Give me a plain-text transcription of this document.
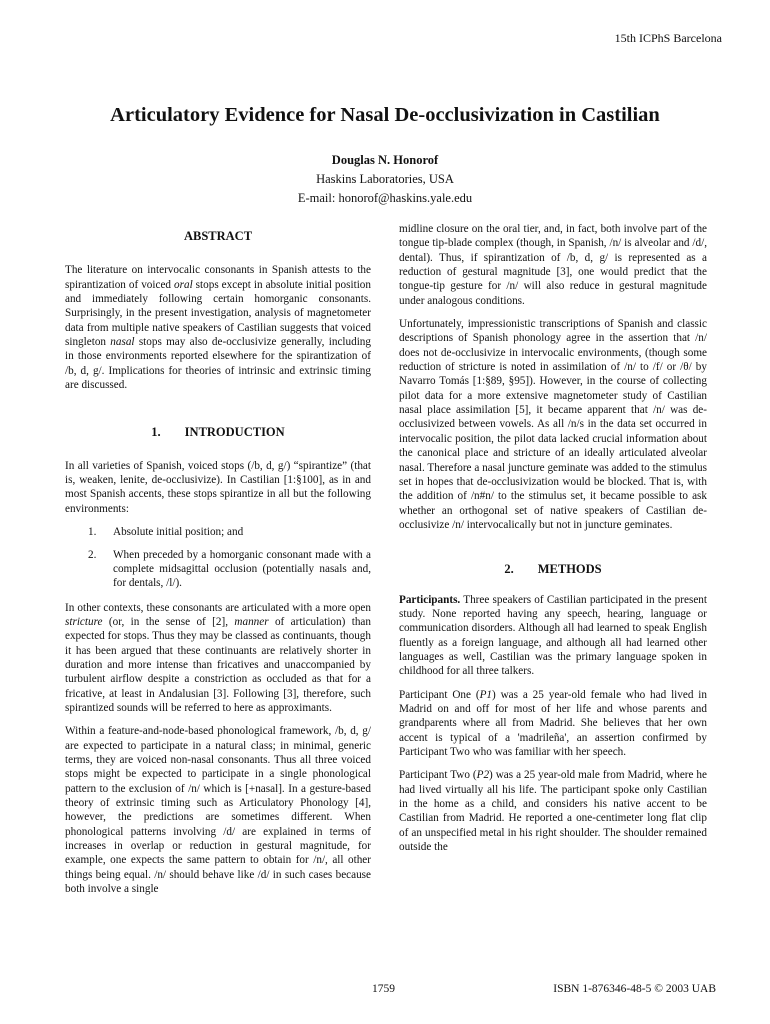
15th ICPhS Barcelona
Articulatory Evidence for Nasal De-occlusivization in Castilian
Douglas N. Honorof
Haskins Laboratories, USA
E-mail: honorof@haskins.yale.edu
ABSTRACT

The literature on intervocalic consonants in Spanish attests to the spirantization of voiced oral stops except in absolute initial position and immediately following certain homorganic consonants. Surprisingly, in the present investigation, analysis of magnetometer data from multiple native speakers of Castilian suggests that voiced singleton nasal stops may also de-occlusivize generally, including in those environments reported elsewhere for the spirantization of /b, d, g/. Implications for theories of intrinsic and extrinsic timing are discussed.

1. INTRODUCTION

In all varieties of Spanish, voiced stops (/b, d, g/) “spirantize” (that is, weaken, lenite, de-occlusivize). In Castilian [1:§100], as in and most Spanish accents, these stops spirantize in all but the following environments:

1.	Absolute initial position; and
2.	When preceded by a homorganic consonant made with a complete midsagittal occlusion (potentially nasals and, for dentals, /l/).

In other contexts, these consonants are articulated with a more open stricture (or, in the sense of [2], manner of articulation) than expected for stops. Thus they may be classed as continuants, though it has been argued that these continuants are relatively shorter in duration and more intense than fricatives and unaccompanied by turbulent airflow despite a constriction as occluded as that for a fricative, at least in Andalusian [3]. Following [3], therefore, such spirantized sounds will be referred to here as approximants.

Within a feature-and-node-based phonological framework, /b, d, g/ are expected to participate in a natural class; in minimal, generic terms, they are voiced non-nasal consonants. Thus all three voiced stops might be expected to participate in a single phonological pattern to the exclusion of /n/ which is [+nasal]. In a gesture-based theory of extrinsic timing such as Articulatory Phonology [4], however, the predictions are sometimes different. When phonological patterns involving /d/ are explained in terms of increases in overlap or reduction in gestural magnitude, for example, one expects the same pattern to obtain for /n/, all other things being equal. /n/ should behave like /d/ in such cases because both involve a single

midline closure on the oral tier, and, in fact, both involve part of the tongue tip-blade complex (though, in Spanish, /n/ is alveolar and /d/, dental). Thus, if spirantization of /b, d, g/ is represented as a reduction of gestural magnitude [3], one would predict that the tongue-tip gesture for /n/ will also reduce in gestural magnitude under analogous conditions.

Unfortunately, impressionistic transcriptions of Spanish and classic descriptions of Spanish phonology agree in the assertion that /n/ does not de-occlusivize in intervocalic environments, (though some reduction of stricture is noted in assimilation of /n/ to /f/ or /θ/ by Navarro Tomás [1:§89, §95]). However, in the course of collecting pilot data for a more extensive magnetometer study of Castilian nasal place assimilation [5], it became apparent that /n/ was de-occlusivized between vowels. As all /n/s in the data set occurred in intervocalic position, the pilot data lacked crucial information about the canonical place and stricture of an ideally articulated alveolar nasal. Therefore a nasal juncture geminate was added to the stimulus set in hopes that de-occlusivization would be blocked. That is, with the addition of /n#n/ to the stimulus set, it became possible to ask whether an orthogonal set of native speakers of Castilian de-occlusivize /n/ intervocalically but not in juncture geminates.

2. METHODS

Participants. Three speakers of Castilian participated in the present study. None reported having any speech, hearing, language or communication disorders. Although all had learned to speak English fluently as a foreign language, and although all had learned other languages as well, Castilian was the primary language spoken in childhood for all three talkers.

Participant One (P1) was a 25 year-old female who had lived in Madrid on and off for most of her life and whose parents and grandparents where all from Madrid. She believes that her own accent is typical of a 'madrileña', an assertion confirmed by Participant Two who was familiar with her speech.

Participant Two (P2) was a 25 year-old male from Madrid, where he had lived virtually all his life. The participant spoke only Castilian in the home as a child, and considers his native accent to be Castilian from Madrid. He reported a one-centimeter long flat clip of an unspecified metal in his right shoulder. The shoulder remained outside the

1759	ISBN 1-876346-48-5 © 2003 UAB
